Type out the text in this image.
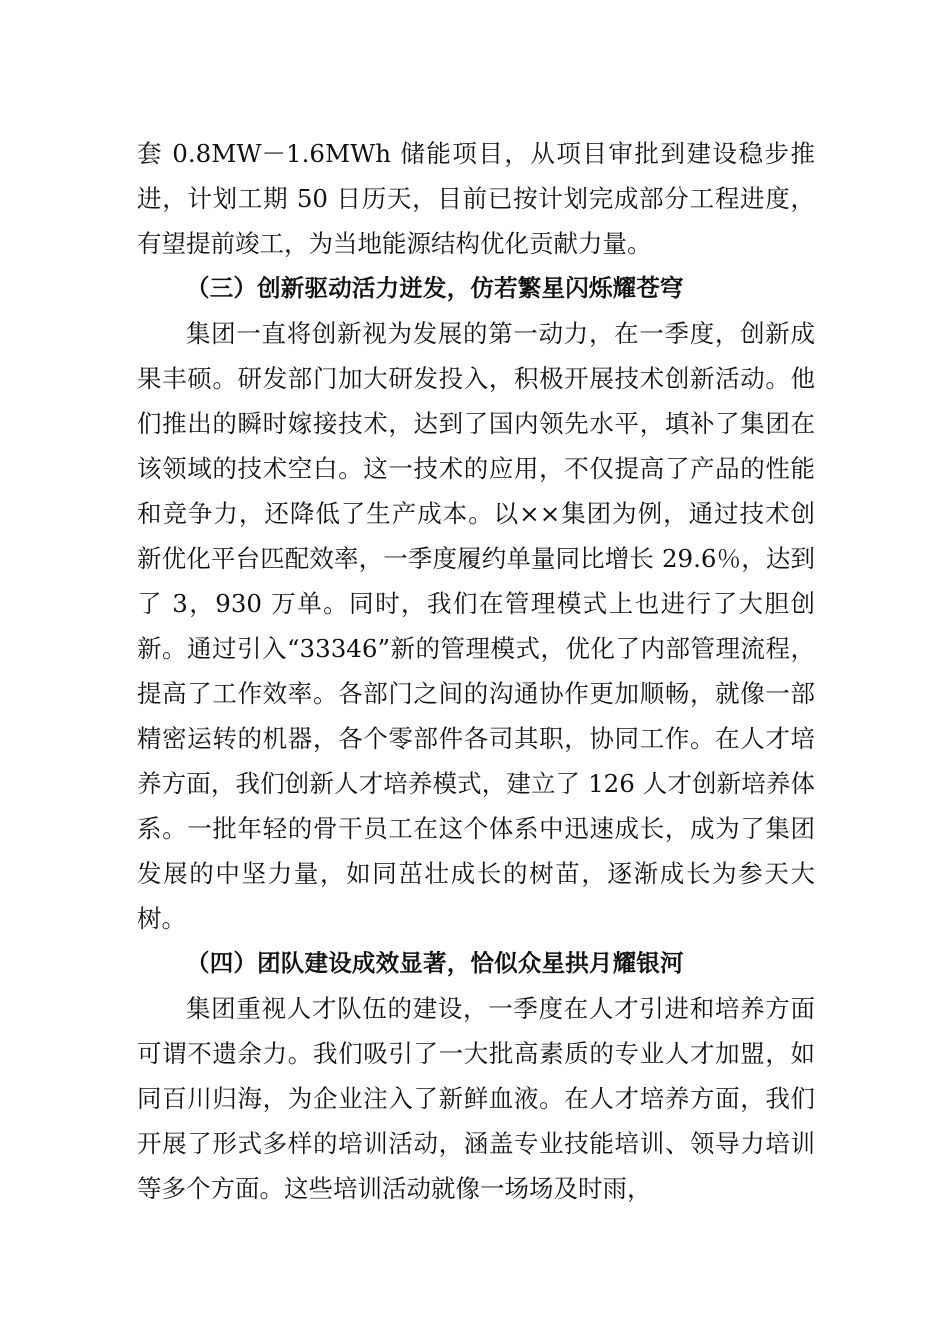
套 0.8MW－1.6MWh 储能项目，从项目审批到建设稳步推进，计划工期 50 日历天，目前已按计划完成部分工程进度，有望提前竣工，为当地能源结构优化贡献力量。

（三）创新驱动活力迸发，仿若繁星闪烁耀苍穹

集团一直将创新视为发展的第一动力，在一季度，创新成果丰硕。研发部门加大研发投入，积极开展技术创新活动。他们推出的瞬时嫁接技术，达到了国内领先水平，填补了集团在该领域的技术空白。这一技术的应用，不仅提高了产品的性能和竞争力，还降低了生产成本。以××集团为例，通过技术创新优化平台匹配效率，一季度履约单量同比增长 29.6％，达到了 3，930 万单。同时，我们在管理模式上也进行了大胆创新。通过引入“33346”新的管理模式，优化了内部管理流程，提高了工作效率。各部门之间的沟通协作更加顺畅，就像一部精密运转的机器，各个零部件各司其职，协同工作。在人才培养方面，我们创新人才培养模式，建立了 126 人才创新培养体系。一批年轻的骨干员工在这个体系中迅速成长，成为了集团发展的中坚力量，如同茁壮成长的树苗，逐渐成长为参天大树。

（四）团队建设成效显著，恰似众星拱月耀银河

集团重视人才队伍的建设，一季度在人才引进和培养方面可谓不遗余力。我们吸引了一大批高素质的专业人才加盟，如同百川归海，为企业注入了新鲜血液。在人才培养方面，我们开展了形式多样的培训活动，涵盖专业技能培训、领导力培训等多个方面。这些培训活动就像一场场及时雨，
